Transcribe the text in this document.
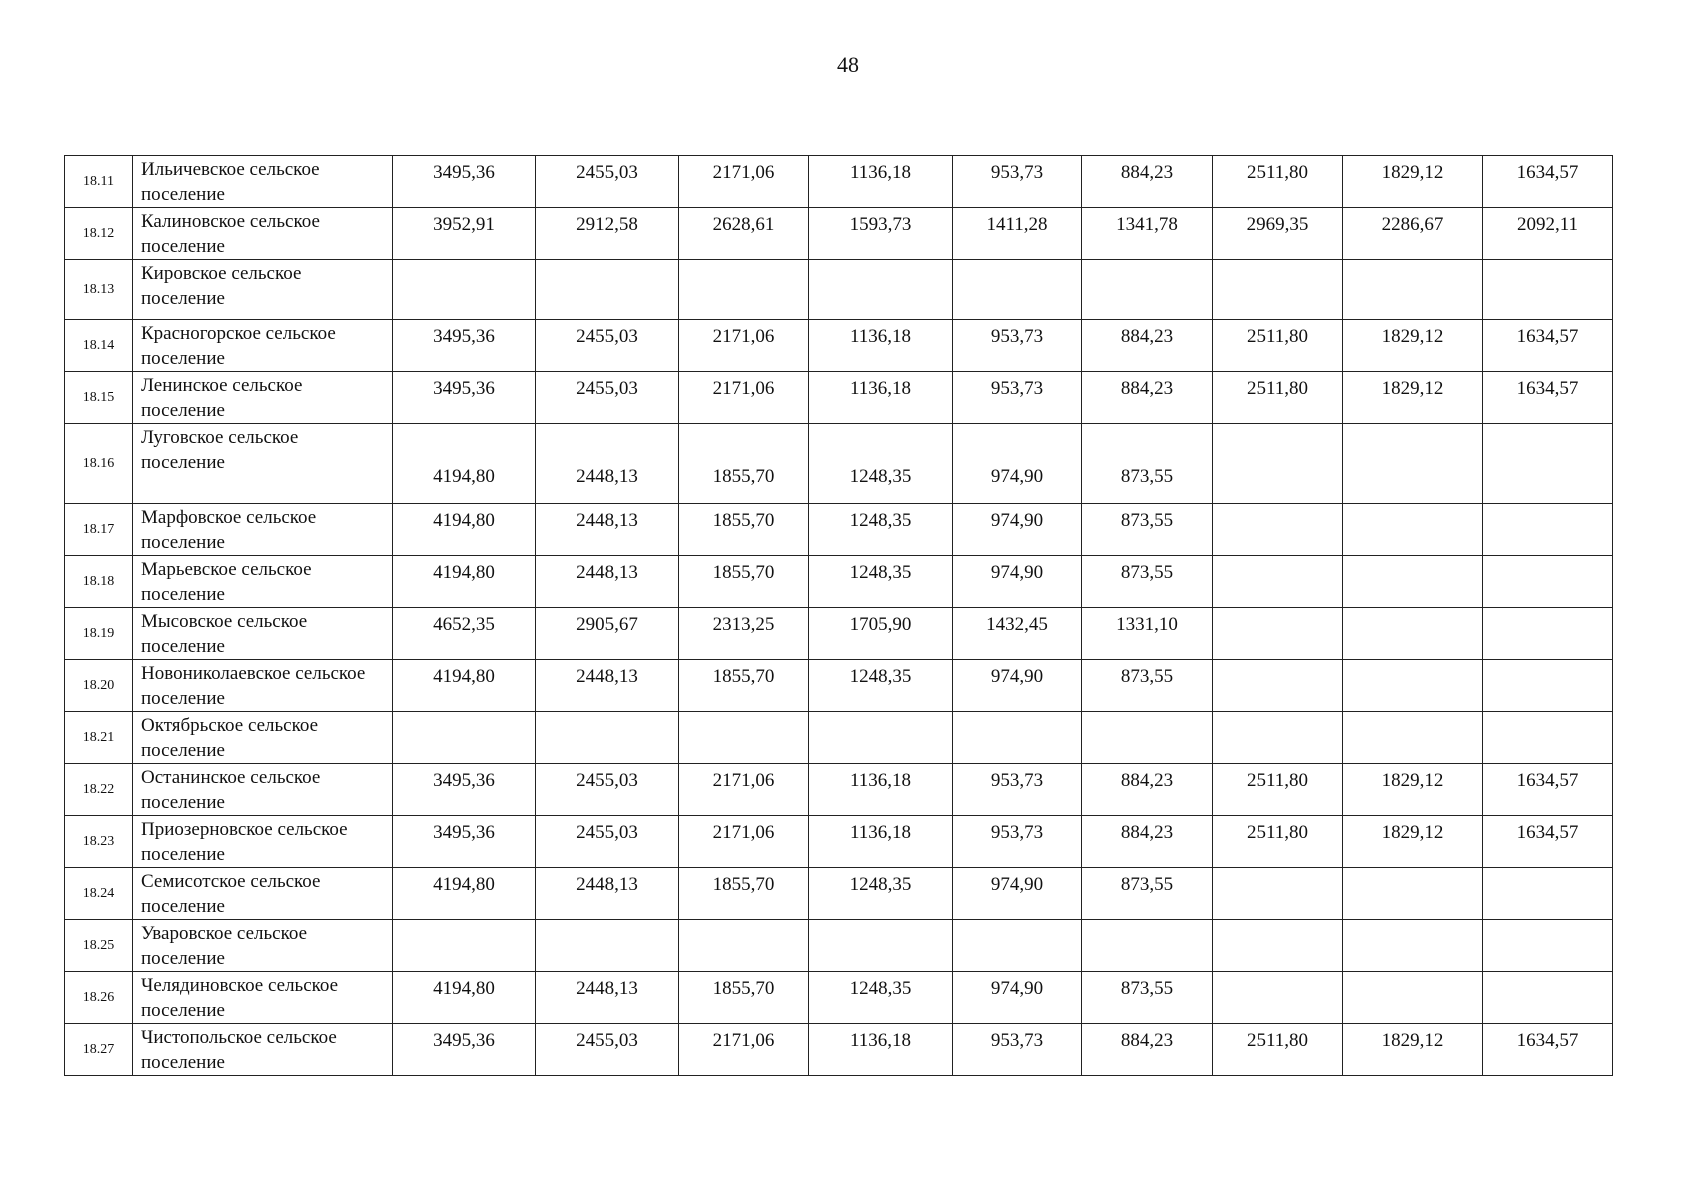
48
18.11	Ильичевское сельское поселение	3495,36	2455,03	2171,06	1136,18	953,73	884,23	2511,80	1829,12	1634,57
18.12	Калиновское сельское поселение	3952,91	2912,58	2628,61	1593,73	1411,28	1341,78	2969,35	2286,67	2092,11
18.13	Кировское сельское поселение									
18.14	Красногорское сельское поселение	3495,36	2455,03	2171,06	1136,18	953,73	884,23	2511,80	1829,12	1634,57
18.15	Ленинское сельское поселение	3495,36	2455,03	2171,06	1136,18	953,73	884,23	2511,80	1829,12	1634,57
18.16	Луговское сельское поселение	4194,80	2448,13	1855,70	1248,35	974,90	873,55			
18.17	Марфовское сельское поселение	4194,80	2448,13	1855,70	1248,35	974,90	873,55			
18.18	Марьевское сельское поселение	4194,80	2448,13	1855,70	1248,35	974,90	873,55			
18.19	Мысовское сельское поселение	4652,35	2905,67	2313,25	1705,90	1432,45	1331,10			
18.20	Новониколаевское сельское поселение	4194,80	2448,13	1855,70	1248,35	974,90	873,55			
18.21	Октябрьское сельское поселение									
18.22	Останинское сельское поселение	3495,36	2455,03	2171,06	1136,18	953,73	884,23	2511,80	1829,12	1634,57
18.23	Приозерновское сельское поселение	3495,36	2455,03	2171,06	1136,18	953,73	884,23	2511,80	1829,12	1634,57
18.24	Семисотское сельское поселение	4194,80	2448,13	1855,70	1248,35	974,90	873,55			
18.25	Уваровское сельское поселение									
18.26	Челядиновское сельское поселение	4194,80	2448,13	1855,70	1248,35	974,90	873,55			
18.27	Чистопольское сельское поселение	3495,36	2455,03	2171,06	1136,18	953,73	884,23	2511,80	1829,12	1634,57
